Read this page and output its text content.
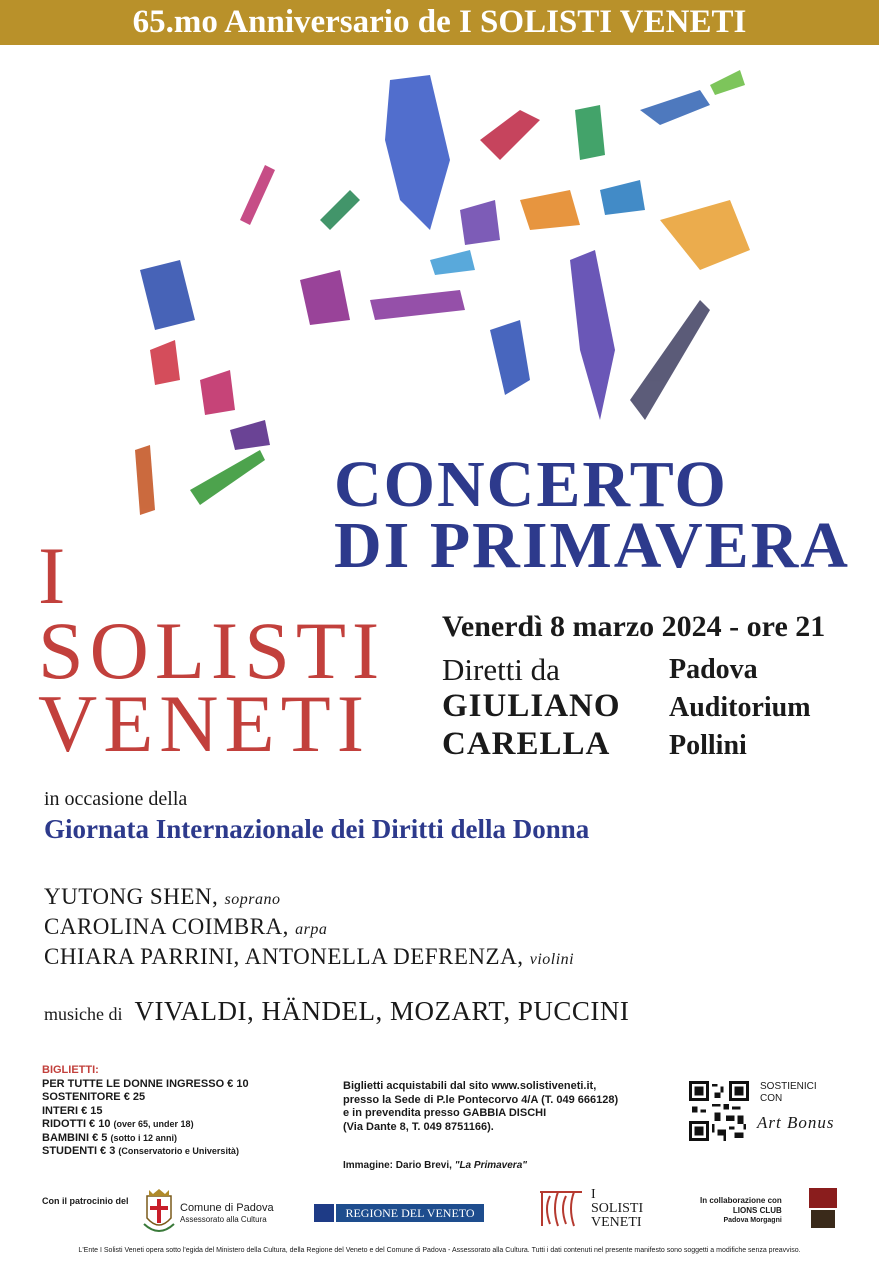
65.mo Anniversario de I SOLISTI VENETI
CONCERTO
DI PRIMAVERA
I
SOLISTI
VENETI
Venerdì 8 marzo 2024 - ore 21
Diretti da
GIULIANO
CARELLA
Padova
Auditorium
Pollini
in occasione della
Giornata Internazionale dei Diritti della Donna
YUTONG SHEN, soprano
CAROLINA COIMBRA, arpa
CHIARA PARRINI, ANTONELLA DEFRENZA, violini
musiche di VIVALDI, HÄNDEL, MOZART, PUCCINI
BIGLIETTI:
PER TUTTE LE DONNE INGRESSO € 10
SOSTENITORE € 25
INTERI € 15
RIDOTTI € 10 (over 65, under 18)
BAMBINI € 5 (sotto i 12 anni)
STUDENTI € 3 (Conservatorio e Università)
Biglietti acquistabili dal sito www.solistiveneti.it,
presso la Sede di P.le Pontecorvo 4/A (T. 049 666128)
e in prevendita presso GABBIA DISCHI
(Via Dante 8, T. 049 8751166).
Immagine: Dario Brevi, "La Primavera"
SOSTIENICI
CON
Art Bonus
Con il patrocinio del
Comune di Padova
Assessorato alla Cultura	REGIONE DEL VENETO
I
SOLISTI
VENETI
In collaborazione con
LIONS CLUB
Padova Morgagni
L'Ente I Solisti Veneti opera sotto l'egida del Ministero della Cultura, della Regione del Veneto e del Comune di Padova - Assessorato alla Cultura. Tutti i dati contenuti nel presente manifesto sono soggetti a modifiche senza preavviso.
